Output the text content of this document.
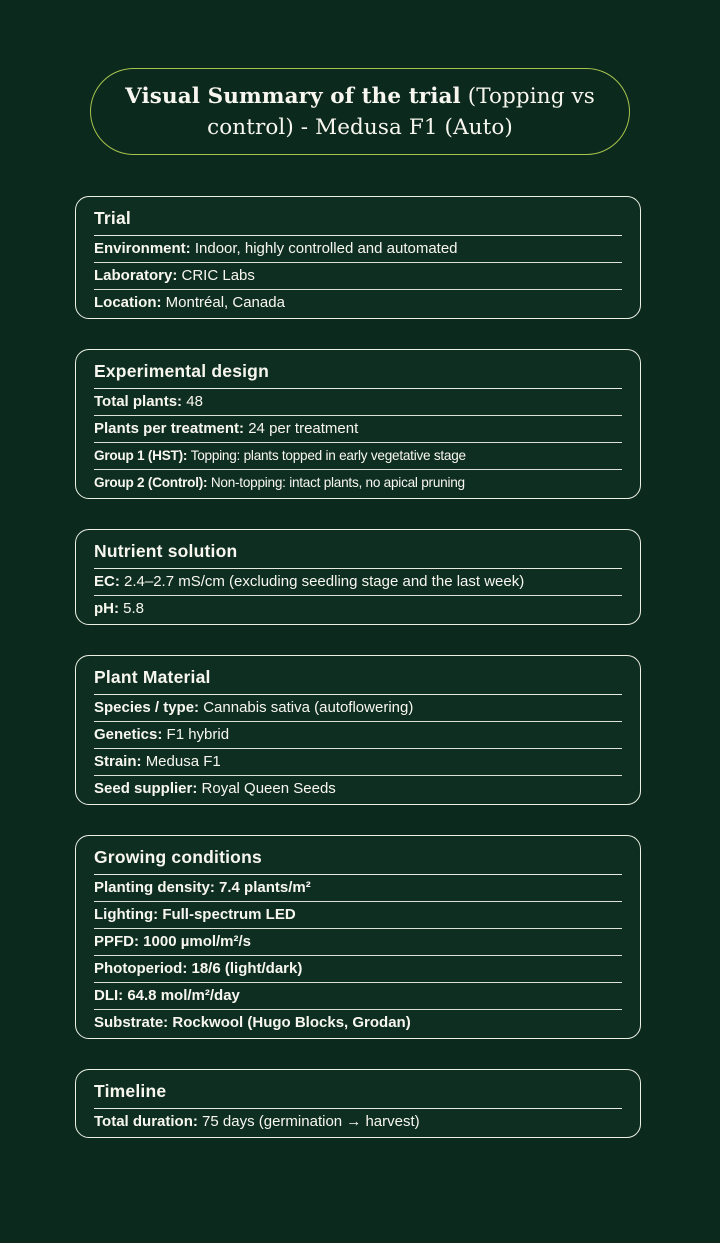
Visual Summary of the trial (Topping vs
control) - Medusa F1 (Auto)
Trial
Environment: Indoor, highly controlled and automated
Laboratory: CRIC Labs
Location: Montréal, Canada
Experimental design
Total plants: 48
Plants per treatment: 24 per treatment
Group 1 (HST): Topping: plants topped in early vegetative stage
Group 2 (Control): Non-topping: intact plants, no apical pruning
Nutrient solution
EC: 2.4–2.7 mS/cm (excluding seedling stage and the last week)
pH: 5.8
Plant Material
Species / type: Cannabis sativa (autoflowering)
Genetics: F1 hybrid
Strain: Medusa F1
Seed supplier: Royal Queen Seeds
Growing conditions
Planting density: 7.4 plants/m²
Lighting: Full-spectrum LED
PPFD: 1000 µmol/m²/s
Photoperiod: 18/6 (light/dark)
DLI: 64.8 mol/m²/day
Substrate: Rockwool (Hugo Blocks, Grodan)
Timeline
Total duration: 75 days (germination → harvest)
